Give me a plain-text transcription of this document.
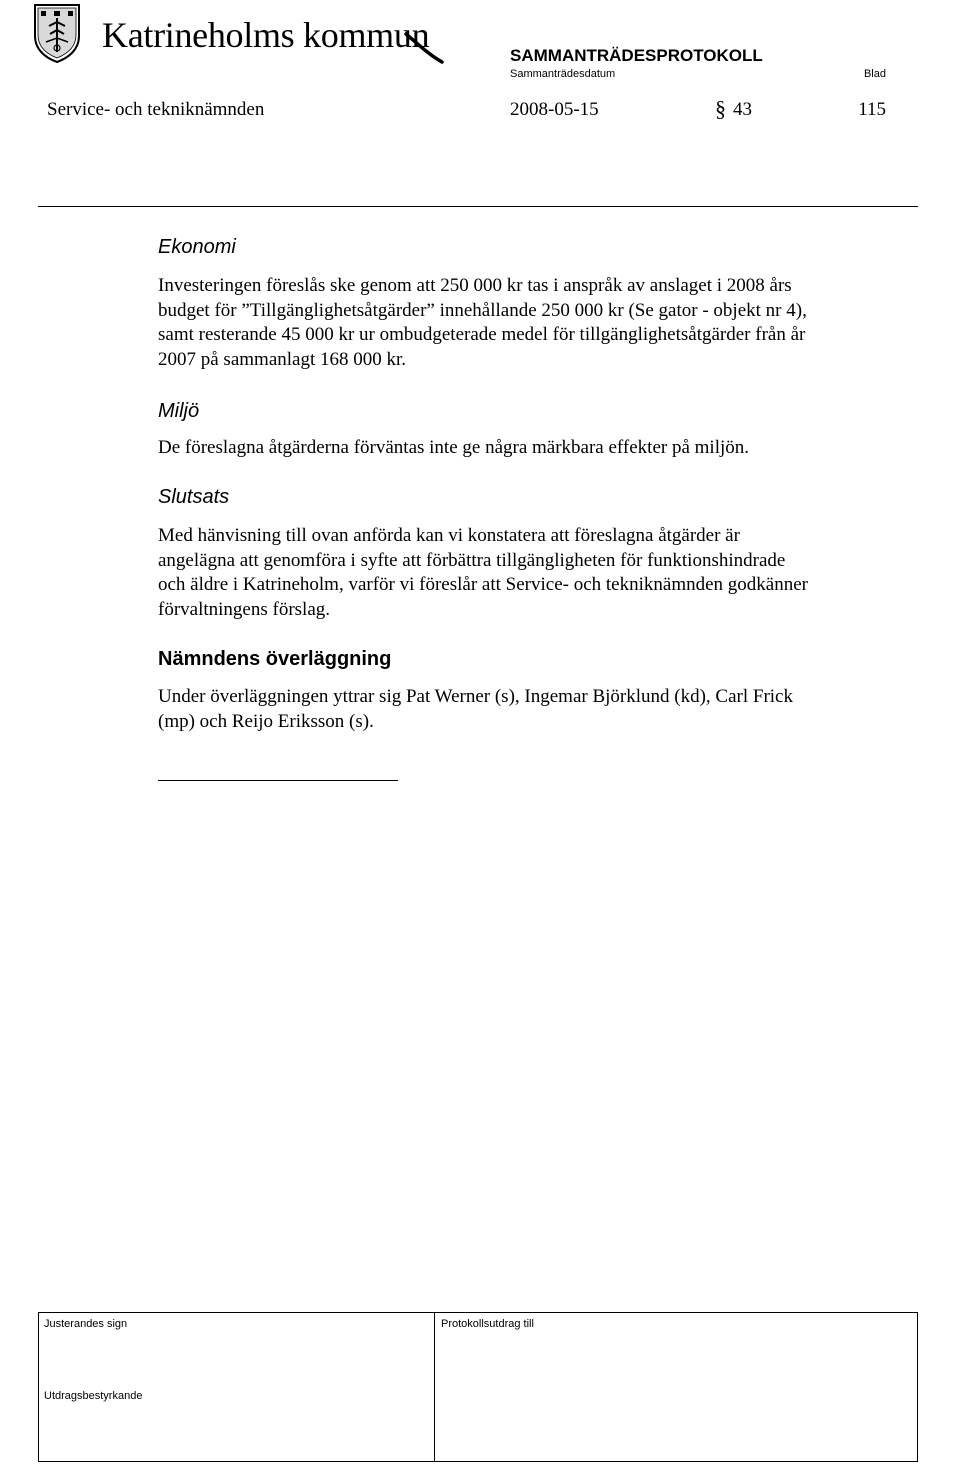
Katrineholms kommun
SAMMANTRÄDESPROTOKOLL
Sammanträdesdatum	Blad
Service- och tekniknämnden	2008-05-15	§ 43	115
Ekonomi
Investeringen föreslås ske genom att 250 000 kr tas i anspråk av anslaget i 2008 års
budget för ”Tillgänglighetsåtgärder” innehållande 250 000 kr (Se gator - objekt nr 4),
samt resterande 45 000 kr ur ombudgeterade medel för tillgänglighetsåtgärder från år
2007 på sammanlagt 168 000 kr.
Miljö
De föreslagna åtgärderna förväntas inte ge några märkbara effekter på miljön.
Slutsats
Med hänvisning till ovan anförda kan vi konstatera att föreslagna åtgärder är
angelägna att genomföra i syfte att förbättra tillgängligheten för funktionshindrade
och äldre i Katrineholm, varför vi föreslår att Service- och tekniknämnden godkänner
förvaltningens förslag.
Nämndens överläggning
Under överläggningen yttrar sig Pat Werner (s), Ingemar Björklund (kd), Carl Frick
(mp) och Reijo Eriksson (s).
Justerandes sign	Protokollsutdrag till
Utdragsbestyrkande
